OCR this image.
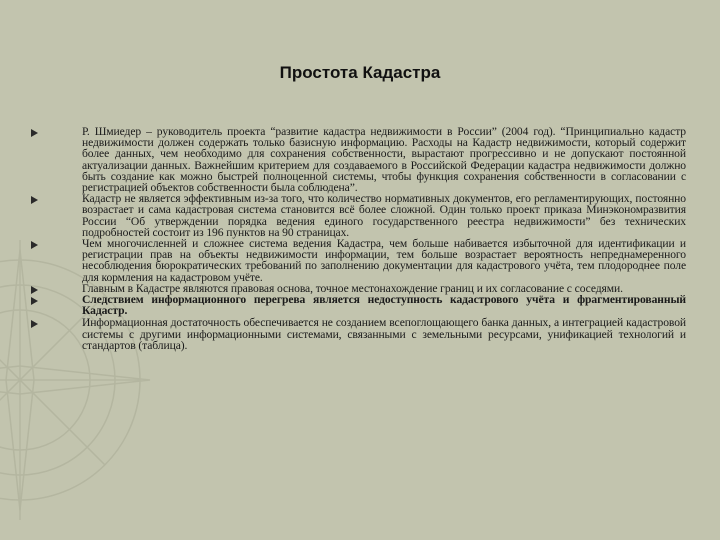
Простота Кадастра
Р. Шмиедер – руководитель проекта “развитие кадастра недвижимости в России” (2004 год). “Принципиально кадастр недвижимости должен содержать только базисную информацию. Расходы на Кадастр недвижимости, который содержит более данных, чем необходимо для сохранения собственности, вырастают прогрессивно и не допускают постоянной актуализации данных. Важнейшим критерием для создаваемого в Российской Федерации кадастра недвижимости должно быть создание как можно быстрей полноценной системы, чтобы функция сохранения собственности в согласовании с регистрацией объектов собственности была соблюдена”.
Кадастр не является эффективным из-за того, что количество нормативных документов, его регламентирующих, постоянно возрастает и сама кадастровая система становится всё более сложной. Один только проект приказа Минэкономразвития России “Об утверждении порядка ведения единого государственного реестра недвижимости” без технических подробностей состоит из 196 пунктов на 90 страницах.
Чем многочисленней и сложнее система ведения Кадастра, чем больше набивается избыточной для идентификации и регистрации прав на объекты недвижимости информации, тем больше возрастает вероятность непреднамеренного несоблюдения бюрократических требований по заполнению документации для кадастрового учёта, тем плодороднее поле для кормления на кадастровом учёте.
Главным в Кадастре являются правовая основа, точное местонахождение границ и их согласование с соседями.
Следствием информационного перегрева является недоступность кадастрового учёта и фрагментированный Кадастр.
Информационная достаточность обеспечивается не созданием всепоглощающего банка данных, а интеграцией кадастровой системы с другими информационными системами, связанными с земельными ресурсами, унификацией технологий и стандартов (таблица).
